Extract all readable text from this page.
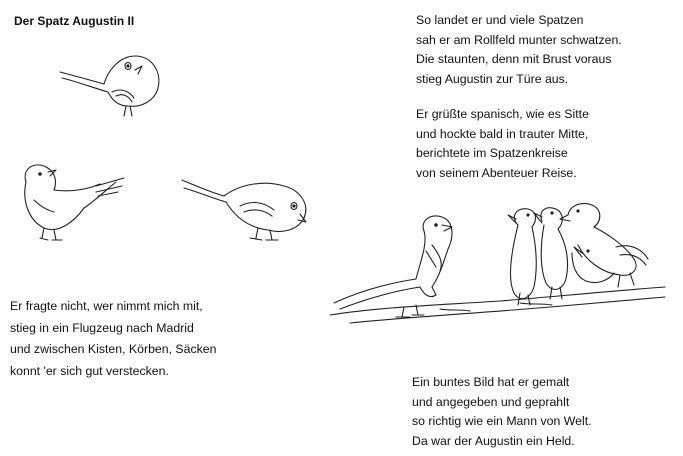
Der Spatz Augustin II	So landet er und viele Spatzen
sah er am Rollfeld munter schwatzen.
Die staunten, denn mit Brust voraus
stieg Augustin zur Türe aus.
Er grüßte spanisch, wie es Sitte
und hockte bald in trauter Mitte,
berichtete im Spatzenkreise
von seinem Abenteuer Reise.
Er fragte nicht, wer nimmt mich mit,
stieg in ein Flugzeug nach Madrid
und zwischen Kisten, Körben, Säcken
konnt 'er sich gut verstecken.
Ein buntes Bild hat er gemalt
und angegeben und geprahlt
so richtig wie ein Mann von Welt.
Da war der Augustin ein Held.
